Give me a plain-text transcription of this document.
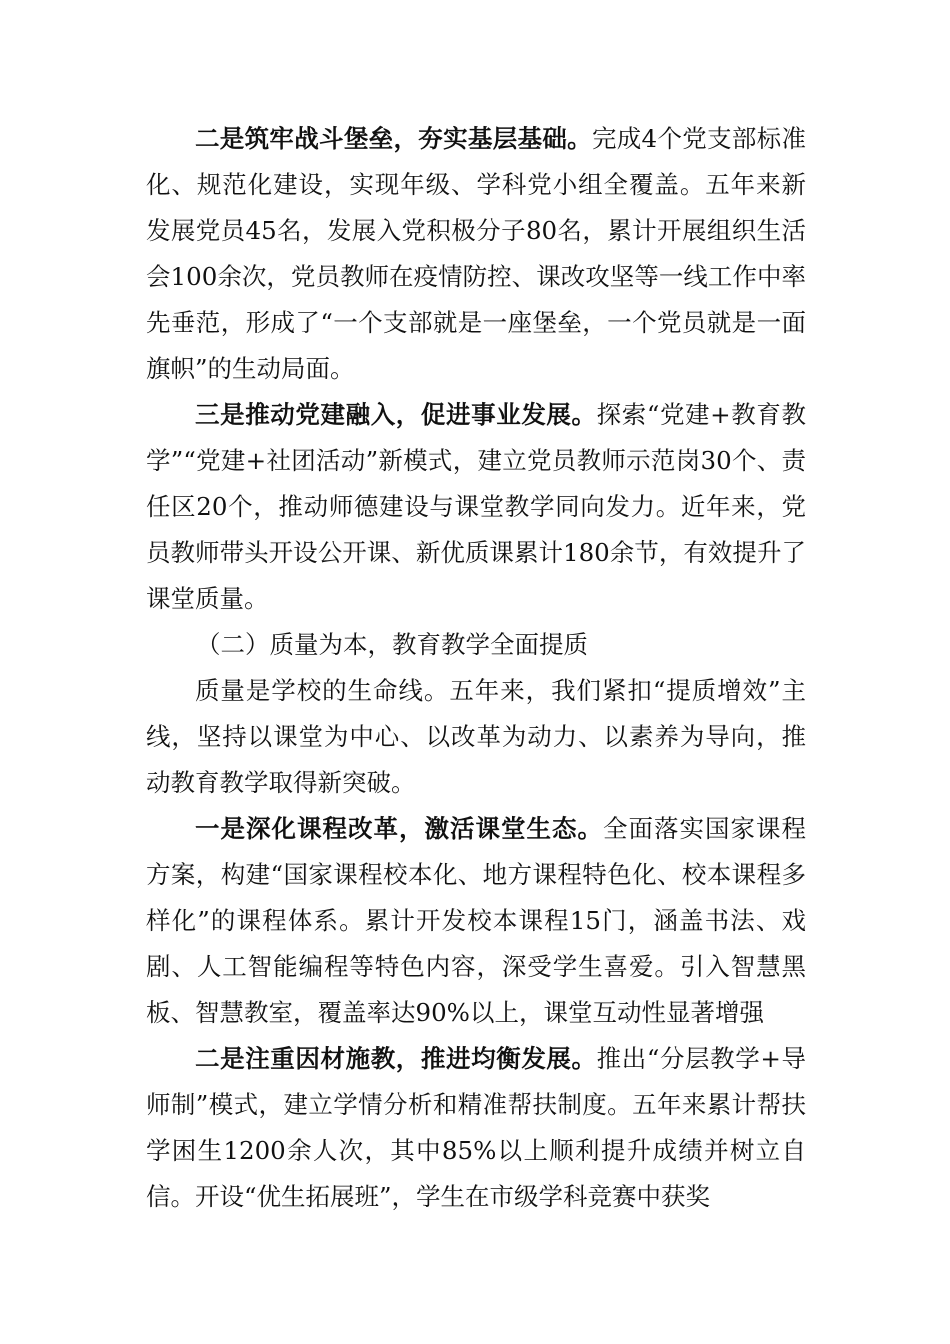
二是筑牢战斗堡垒，夯实基层基础。完成4个党支部标准化、规范化建设，实现年级、学科党小组全覆盖。五年来新发展党员45名，发展入党积极分子80名，累计开展组织生活会100余次，党员教师在疫情防控、课改攻坚等一线工作中率先垂范，形成了“一个支部就是一座堡垒，一个党员就是一面旗帜”的生动局面。

三是推动党建融入，促进事业发展。探索“党建+教育教学”“党建+社团活动”新模式，建立党员教师示范岗30个、责任区20个，推动师德建设与课堂教学同向发力。近年来，党员教师带头开设公开课、新优质课累计180余节，有效提升了课堂质量。

（二）质量为本，教育教学全面提质

质量是学校的生命线。五年来，我们紧扣“提质增效”主线，坚持以课堂为中心、以改革为动力、以素养为导向，推动教育教学取得新突破。

一是深化课程改革，激活课堂生态。全面落实国家课程方案，构建“国家课程校本化、地方课程特色化、校本课程多样化”的课程体系。累计开发校本课程15门，涵盖书法、戏剧、人工智能编程等特色内容，深受学生喜爱。引入智慧黑板、智慧教室，覆盖率达90%以上，课堂互动性显著增强

二是注重因材施教，推进均衡发展。推出“分层教学+导师制”模式，建立学情分析和精准帮扶制度。五年来累计帮扶学困生1200余人次，其中85%以上顺利提升成绩并树立自信。开设“优生拓展班”，学生在市级学科竞赛中获奖
